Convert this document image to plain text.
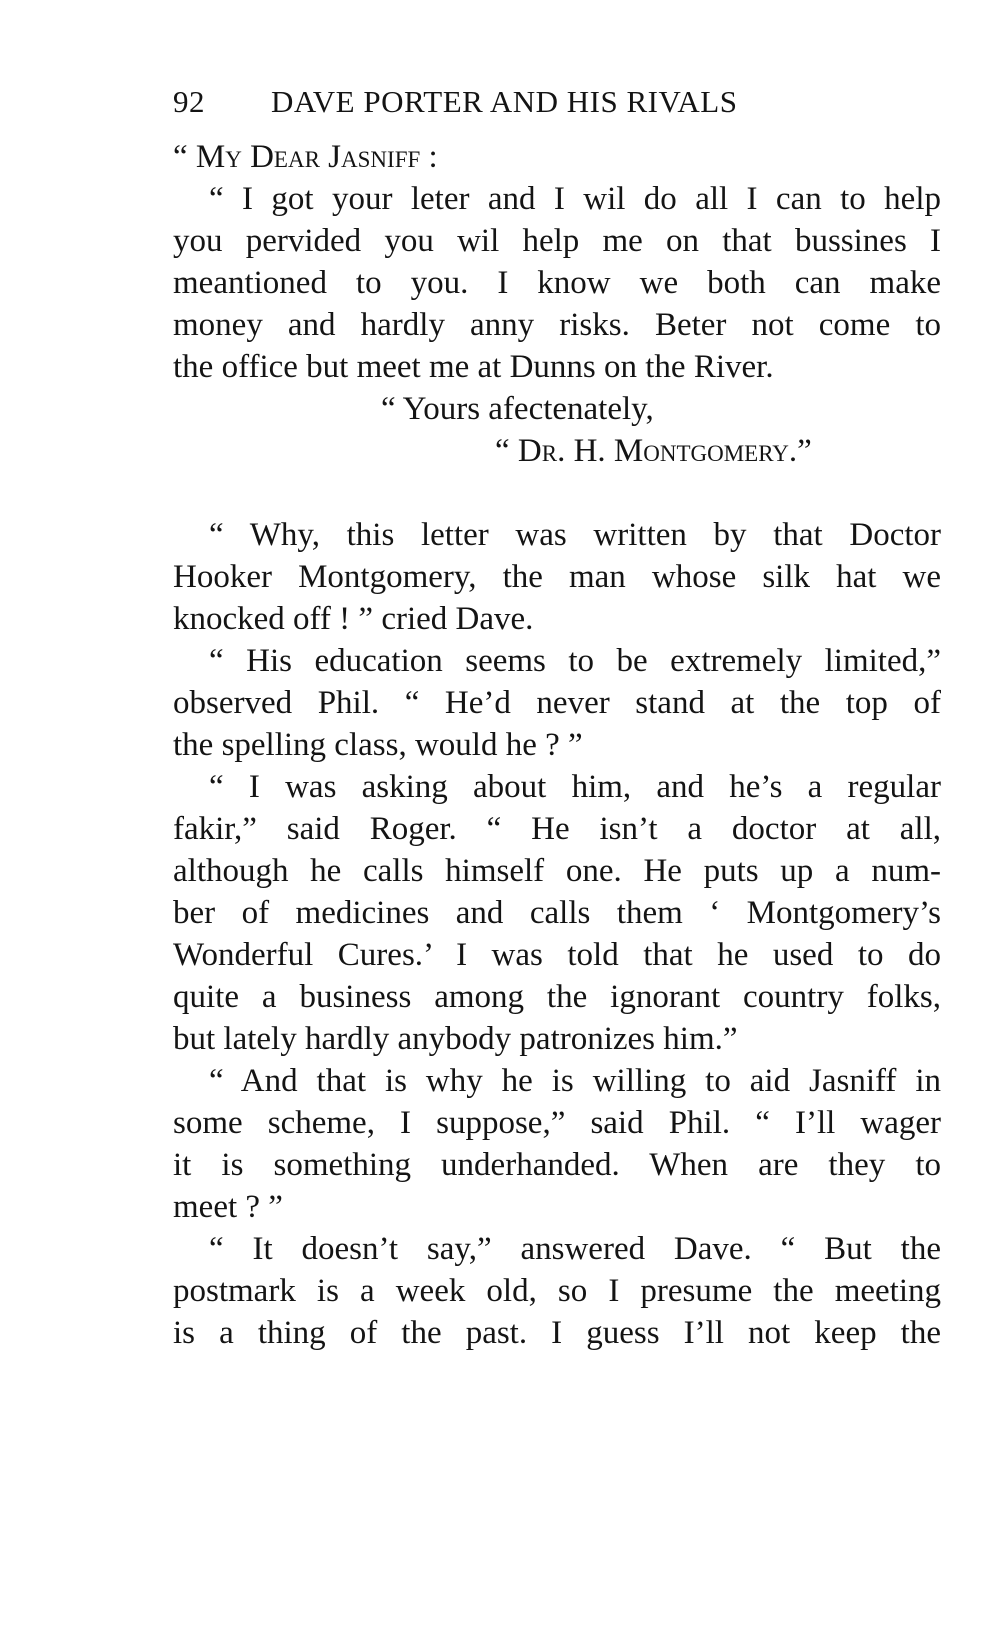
92 DAVE PORTER AND HIS RIVALS
“ My Dear Jasniff :
“ I got your leter and I wil do all I can to help
you pervided you wil help me on that bussines I
meantioned to you. I know we both can make
money and hardly anny risks. Beter not come to
the office but meet me at Dunns on the River.
“ Yours afectenately,
“ Dr. H. Montgomery.”
“ Why, this letter was written by that Doctor
Hooker Montgomery, the man whose silk hat we
knocked off ! ” cried Dave.
“ His education seems to be extremely limited,”
observed Phil. “ He’d never stand at the top of
the spelling class, would he ? ”
“ I was asking about him, and he’s a regular
fakir,” said Roger. “ He isn’t a doctor at all,
although he calls himself one. He puts up a num-
ber of medicines and calls them ‘ Montgomery’s
Wonderful Cures.’ I was told that he used to do
quite a business among the ignorant country folks,
but lately hardly anybody patronizes him.”
“ And that is why he is willing to aid Jasniff in
some scheme, I suppose,” said Phil. “ I’ll wager
it is something underhanded. When are they to
meet ? ”
“ It doesn’t say,” answered Dave. “ But the
postmark is a week old, so I presume the meeting
is a thing of the past. I guess I’ll not keep the
